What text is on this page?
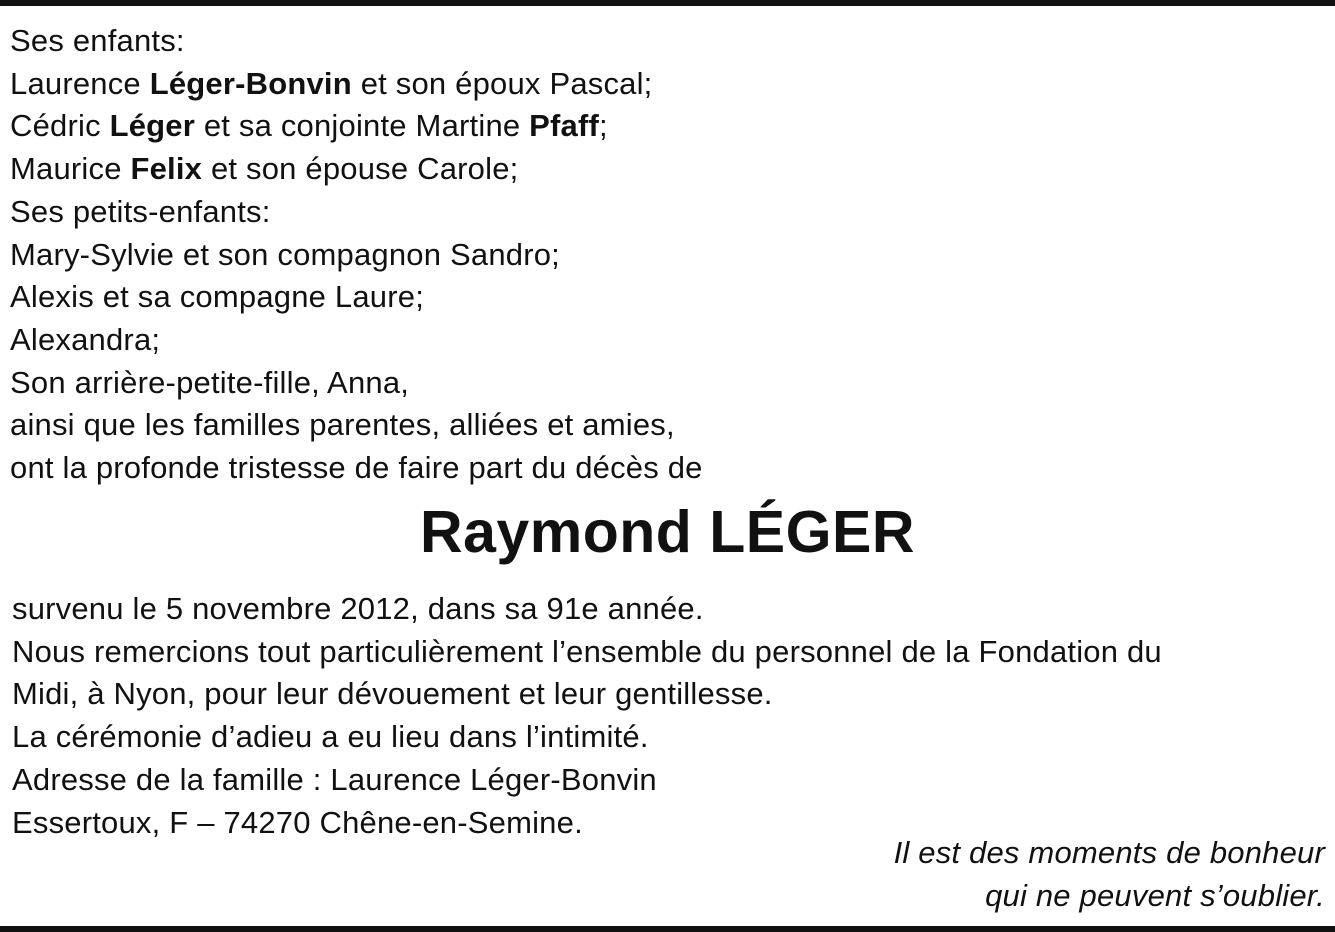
Ses enfants:
Laurence Léger-Bonvin et son époux Pascal;
Cédric Léger et sa conjointe Martine Pfaff;
Maurice Felix et son épouse Carole;
Ses petits-enfants:
Mary-Sylvie et son compagnon Sandro;
Alexis et sa compagne Laure;
Alexandra;
Son arrière-petite-fille, Anna,
ainsi que les familles parentes, alliées et amies,
ont la profonde tristesse de faire part du décès de
Raymond LÉGER
survenu le 5 novembre 2012, dans sa 91e année.
Nous remercions tout particulièrement l’ensemble du personnel de la Fondation du
Midi, à Nyon, pour leur dévouement et leur gentillesse.
La cérémonie d’adieu a eu lieu dans l’intimité.
Adresse de la famille : Laurence Léger-Bonvin
Essertoux, F – 74270 Chêne-en-Semine.
Il est des moments de bonheur
qui ne peuvent s’oublier.
